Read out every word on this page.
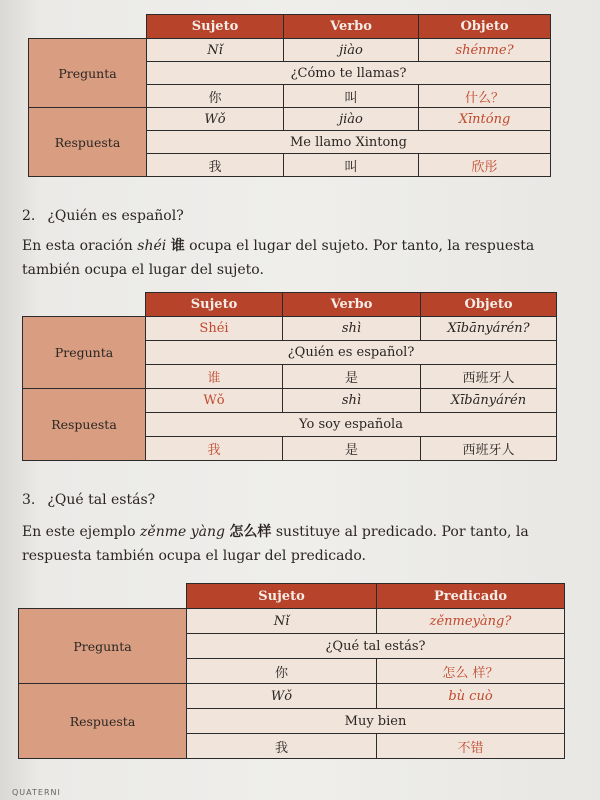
	Sujeto	Verbo	Objeto
Pregunta	Nǐ	jiào	shénme?
	¿Cómo te llamas?		
	你	叫	什么？
Respuesta	Wǒ	jiào	Xīntóng
	Me llamo Xintong		
	我	叫	欣彤

2. ¿Quién es español?

En esta oración shéi 谁 ocupa el lugar del sujeto. Por tanto, la respuesta también ocupa el lugar del sujeto.

	Sujeto	Verbo	Objeto
Pregunta	Shéi	shì	Xībānyárén?
	¿Quién es español?		
	谁	是	西班牙人
Respuesta	Wǒ	shì	Xībānyárén
	Yo soy española		
	我	是	西班牙人

3. ¿Qué tal estás?

En este ejemplo zěnme yàng 怎么样 sustituye al predicado. Por tanto, la respuesta también ocupa el lugar del predicado.

	Sujeto	Predicado
Pregunta	Nǐ	zěnmeyàng?
	¿Qué tal estás?	
	你	怎么 样？
Respuesta	Wǒ	bù cuò
	Muy bien	
	我	不错
QUATERNI
